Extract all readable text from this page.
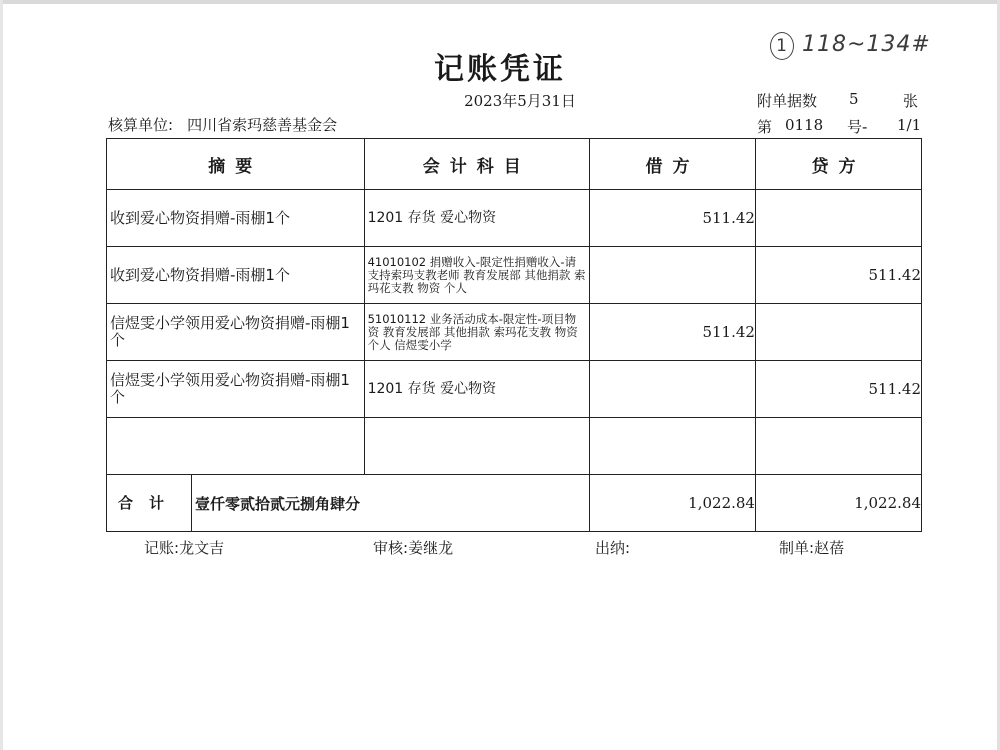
记账凭证
2023年5月31日
1 118~134#
核算单位: 四川省索玛慈善基金会
附单据数 5	张
第 0118 号- 1/1
摘要	会计科目	借方	贷方

收到爱心物资捐赠-雨棚1个	1201 存货 爱心物资	511.42	

收到爱心物资捐赠-雨棚1个	41010102 捐赠收入-限定性捐赠收入-请支持索玛支教老师 教育发展部 其他捐款 索玛花支教 物资 个人		511.42

信煜雯小学领用爱心物资捐赠-雨棚1个	51010112 业务活动成本-限定性-项目物资 教育发展部 其他捐款 索玛花支教 物资 个人 信煜雯小学	511.42	

信煜雯小学领用爱心物资捐赠-雨棚1个	1201 存货 爱心物资		511.42

合计 壹仟零贰拾贰元捌角肆分		1,022.84	1,022.84
记账:龙文吉	审核:姜继龙	出纳:	制单:赵蓓
